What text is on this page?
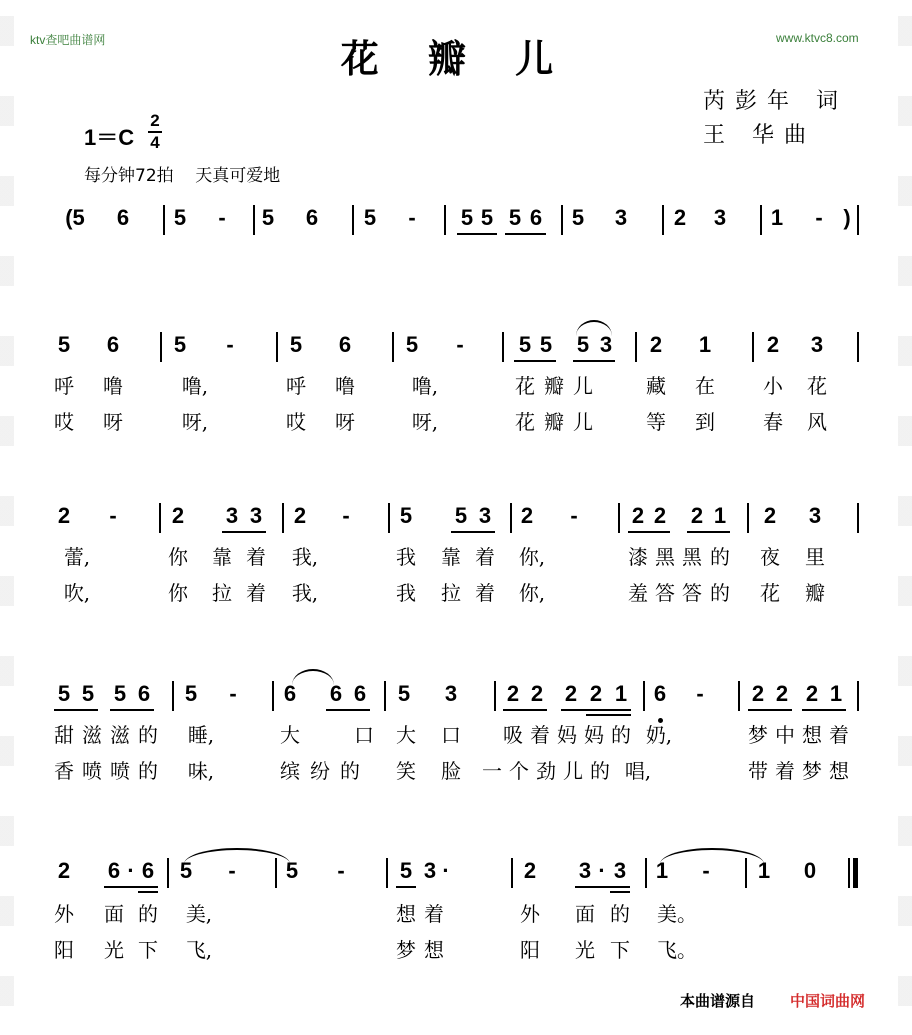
ktv查吧曲谱网	www.ktvc8.com
花 瓣 儿
芮彭年 词
王 华曲
1＝C
2
4
每分钟72拍    天真可爱地
(5 6 5 - 5 6 5 - 5 5 5 6 5 3 2 3 1 - )
5 6 5 -	5 6 5 -	5 5 5 3 2 1	2 3
呼 噜	噜,	呼 噜	噜,	花 瓣 儿	藏 在 小 花
哎 呀	呀,	哎 呀	呀,	花 瓣 儿	等 到 春 风
2 -	2 3 3 2 - 5 5 3 2 - 2 2 2 1 2 3
蕾,	你 靠 着 我,	我 靠 着 你,	漆 黑 黑 的 夜 里
吹,	你 拉 着 我,	我 拉 着 你,	羞 答 答 的 花 瓣
5 5 5 6 5 - 6 6 6 5 3 2 2 2 2 1 6 - 2 2 2 1
甜 滋 滋 的 睡,	大	口 大 口 吸 着 妈 妈 的 奶,	梦 中 想 着
香 喷 喷 的 味,	缤 纷 的 笑 脸 一 个 劲 儿 的 唱,	带 着 梦 想
2 6 · 6 5 - 5 -	5 3 ·	2 3 · 3 1 - 1 0
外 面 的 美,	想 着	外 面 的 美。
阳 光 下 飞,	梦 想	阳 光 下 飞。
本曲谱源自 中国词曲网
